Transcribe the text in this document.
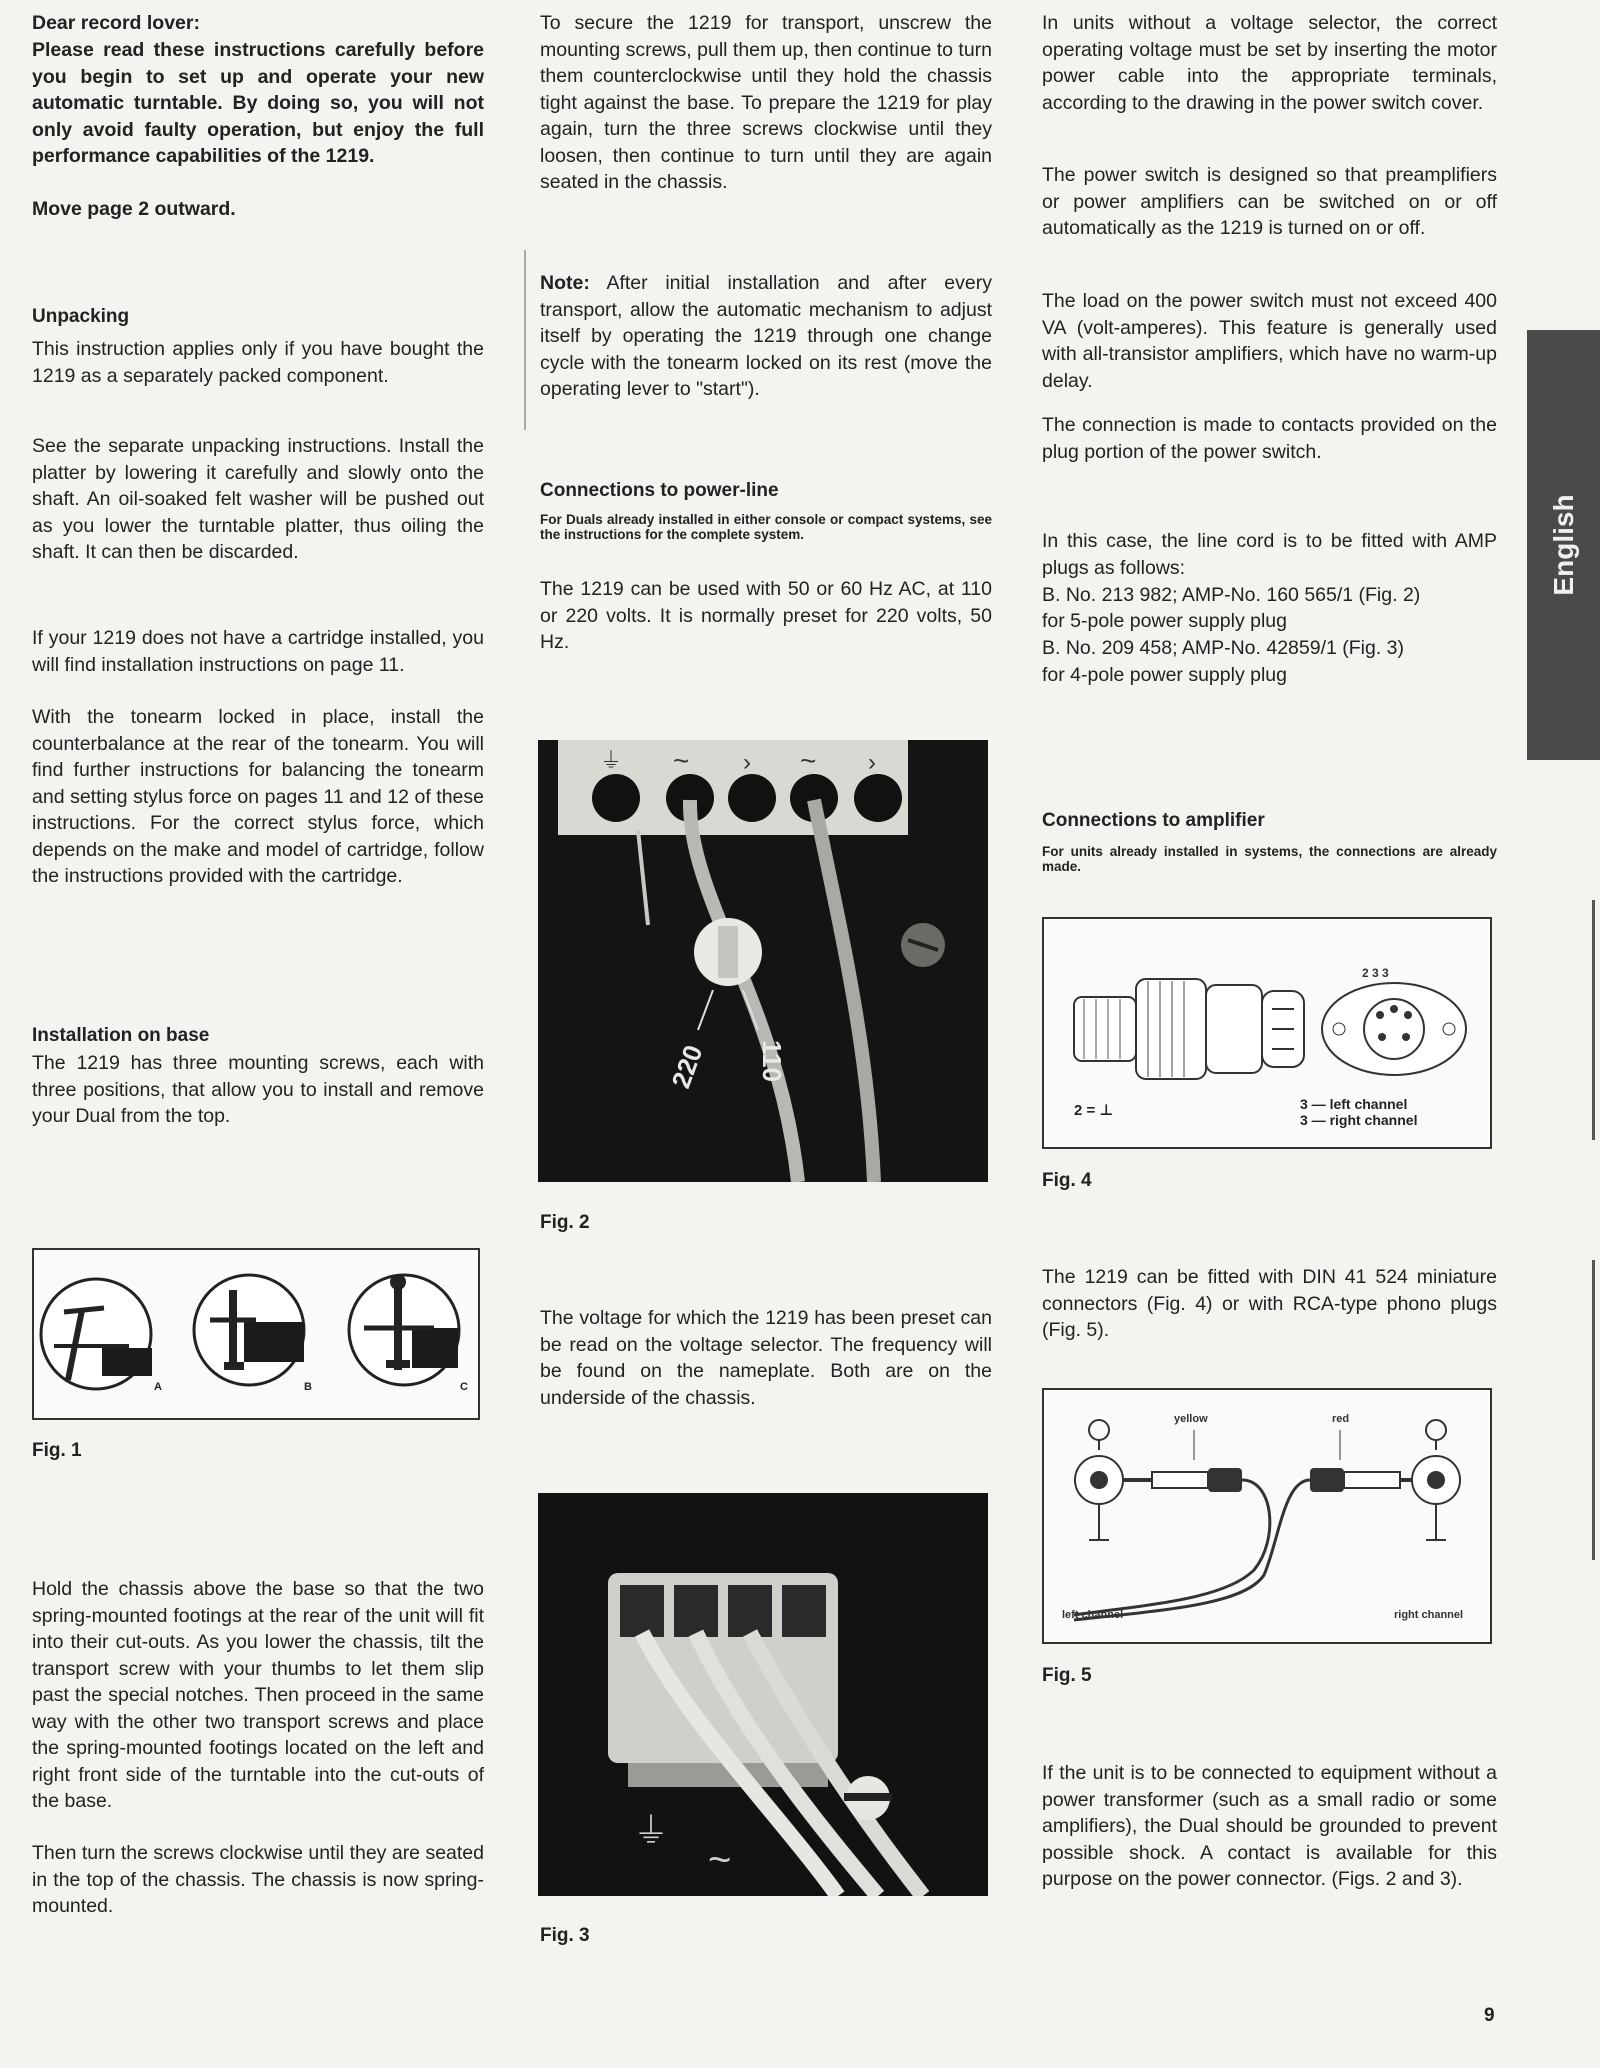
Dear record lover:

Please read these instructions carefully before you begin to set up and operate your new automatic turntable. By doing so, you will not only avoid faulty operation, but enjoy the full performance capabilities of the 1219.

Move page 2 outward.

Unpacking

This instruction applies only if you have bought the 1219 as a separately packed component.

See the separate unpacking instructions. Install the platter by lowering it carefully and slowly onto the shaft. An oil-soaked felt washer will be pushed out as you lower the turntable platter, thus oiling the shaft. It can then be discarded.

If your 1219 does not have a cartridge installed, you will find installation instructions on page 11.

With the tonearm locked in place, install the counterbalance at the rear of the tonearm. You will find further instructions for balancing the tonearm and setting stylus force on pages 11 and 12 of these instructions. For the correct stylus force, which depends on the make and model of cartridge, follow the instructions provided with the cartridge.

Installation on base

The 1219 has three mounting screws, each with three positions, that allow you to install and remove your Dual from the top.

A	B	C

Fig. 1

Hold the chassis above the base so that the two spring-mounted footings at the rear of the unit will fit into their cut-outs. As you lower the chassis, tilt the transport screw with your thumbs to let them slip past the special notches. Then proceed in the same way with the other two transport screws and place the spring-mounted footings located on the left and right front side of the turntable into the cut-outs of the base.

Then turn the screws clockwise until they are seated in the top of the chassis. The chassis is now spring-mounted.

To secure the 1219 for transport, unscrew the mounting screws, pull them up, then continue to turn them counterclockwise until they hold the chassis tight against the base. To prepare the 1219 for play again, turn the three screws clockwise until they loosen, then continue to turn until they are again seated in the chassis.

Note: After initial installation and after every transport, allow the automatic mechanism to adjust itself by operating the 1219 through one change cycle with the tonearm locked on its rest (move the operating lever to "start").

Connections to power-line

For Duals already installed in either console or compact systems, see the instructions for the complete system.

The 1219 can be used with 50 or 60 Hz AC, at 110 or 220 volts. It is normally preset for 220 volts, 50 Hz.

⏚ ~ › ~ ›
220 110

Fig. 2

The voltage for which the 1219 has been preset can be read on the voltage selector. The frequency will be found on the nameplate. Both are on the underside of the chassis.

⏚
~

Fig. 3

In units without a voltage selector, the correct operating voltage must be set by inserting the motor power cable into the appropriate terminals, according to the drawing in the power switch cover.

The power switch is designed so that preamplifiers or power amplifiers can be switched on or off automatically as the 1219 is turned on or off.

The load on the power switch must not exceed 400 VA (volt-amperes). This feature is generally used with all-transistor amplifiers, which have no warm-up delay.

The connection is made to contacts provided on the plug portion of the power switch.

In this case, the line cord is to be fitted with AMP plugs as follows:

B. No. 213 982; AMP-No. 160 565/1 (Fig. 2)

for 5-pole power supply plug

B. No. 209 458; AMP-No. 42859/1 (Fig. 3)

for 4-pole power supply plug

Connections to amplifier

For units already installed in systems, the connections are already made.

2 3 3
2 = ⊥	3 — left channel
3 — right channel

Fig. 4

The 1219 can be fitted with DIN 41 524 miniature connectors (Fig. 4) or with RCA-type phono plugs (Fig. 5).

yellow	red
left channel	right channel

Fig. 5

If the unit is to be connected to equipment without a power transformer (such as a small radio or some amplifiers), the Dual should be grounded to prevent possible shock. A contact is available for this purpose on the power connector. (Figs. 2 and 3).

English
9
